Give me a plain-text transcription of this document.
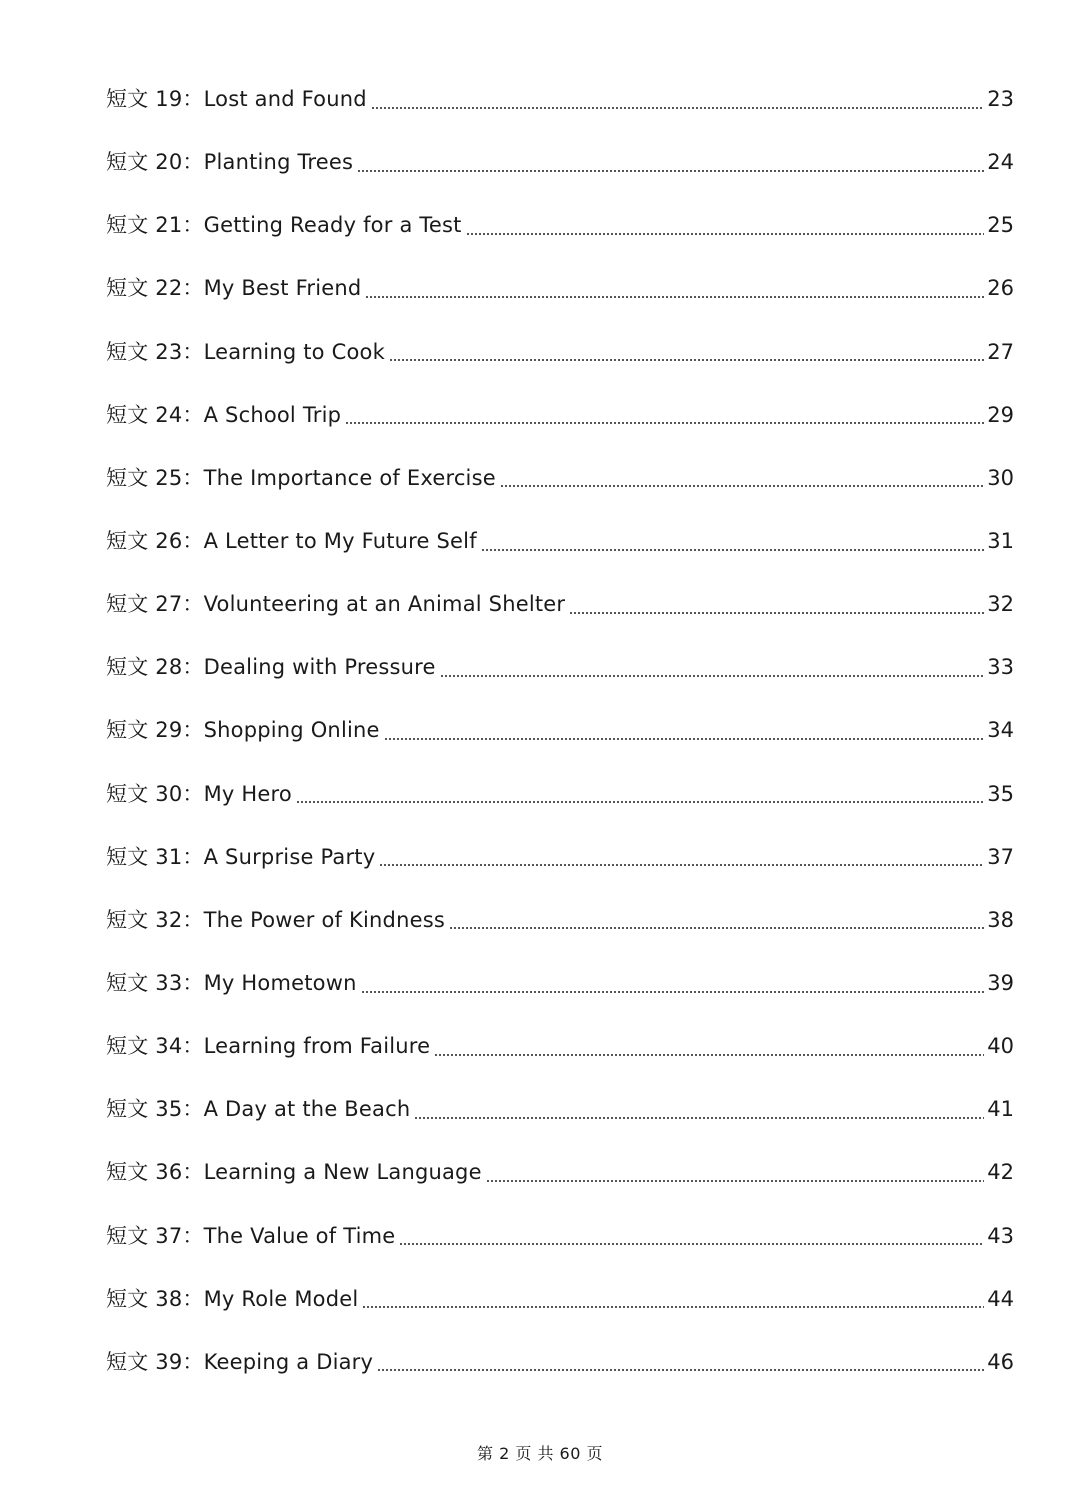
短文 19： Lost and Found	23
短文 20： Planting Trees	24
短文 21： Getting Ready for a Test	25
短文 22： My Best Friend	26
短文 23： Learning to Cook	27
短文 24： A School Trip	29
短文 25： The Importance of Exercise	30
短文 26： A Letter to My Future Self	31
短文 27： Volunteering at an Animal Shelter	32
短文 28： Dealing with Pressure	33
短文 29： Shopping Online	34
短文 30： My Hero	35
短文 31： A Surprise Party	37
短文 32： The Power of Kindness	38
短文 33： My Hometown	39
短文 34： Learning from Failure	40
短文 35： A Day at the Beach	41
短文 36： Learning a New Language	42
短文 37： The Value of Time	43
短文 38： My Role Model	44
短文 39： Keeping a Diary	46
第 2 页 共 60 页
